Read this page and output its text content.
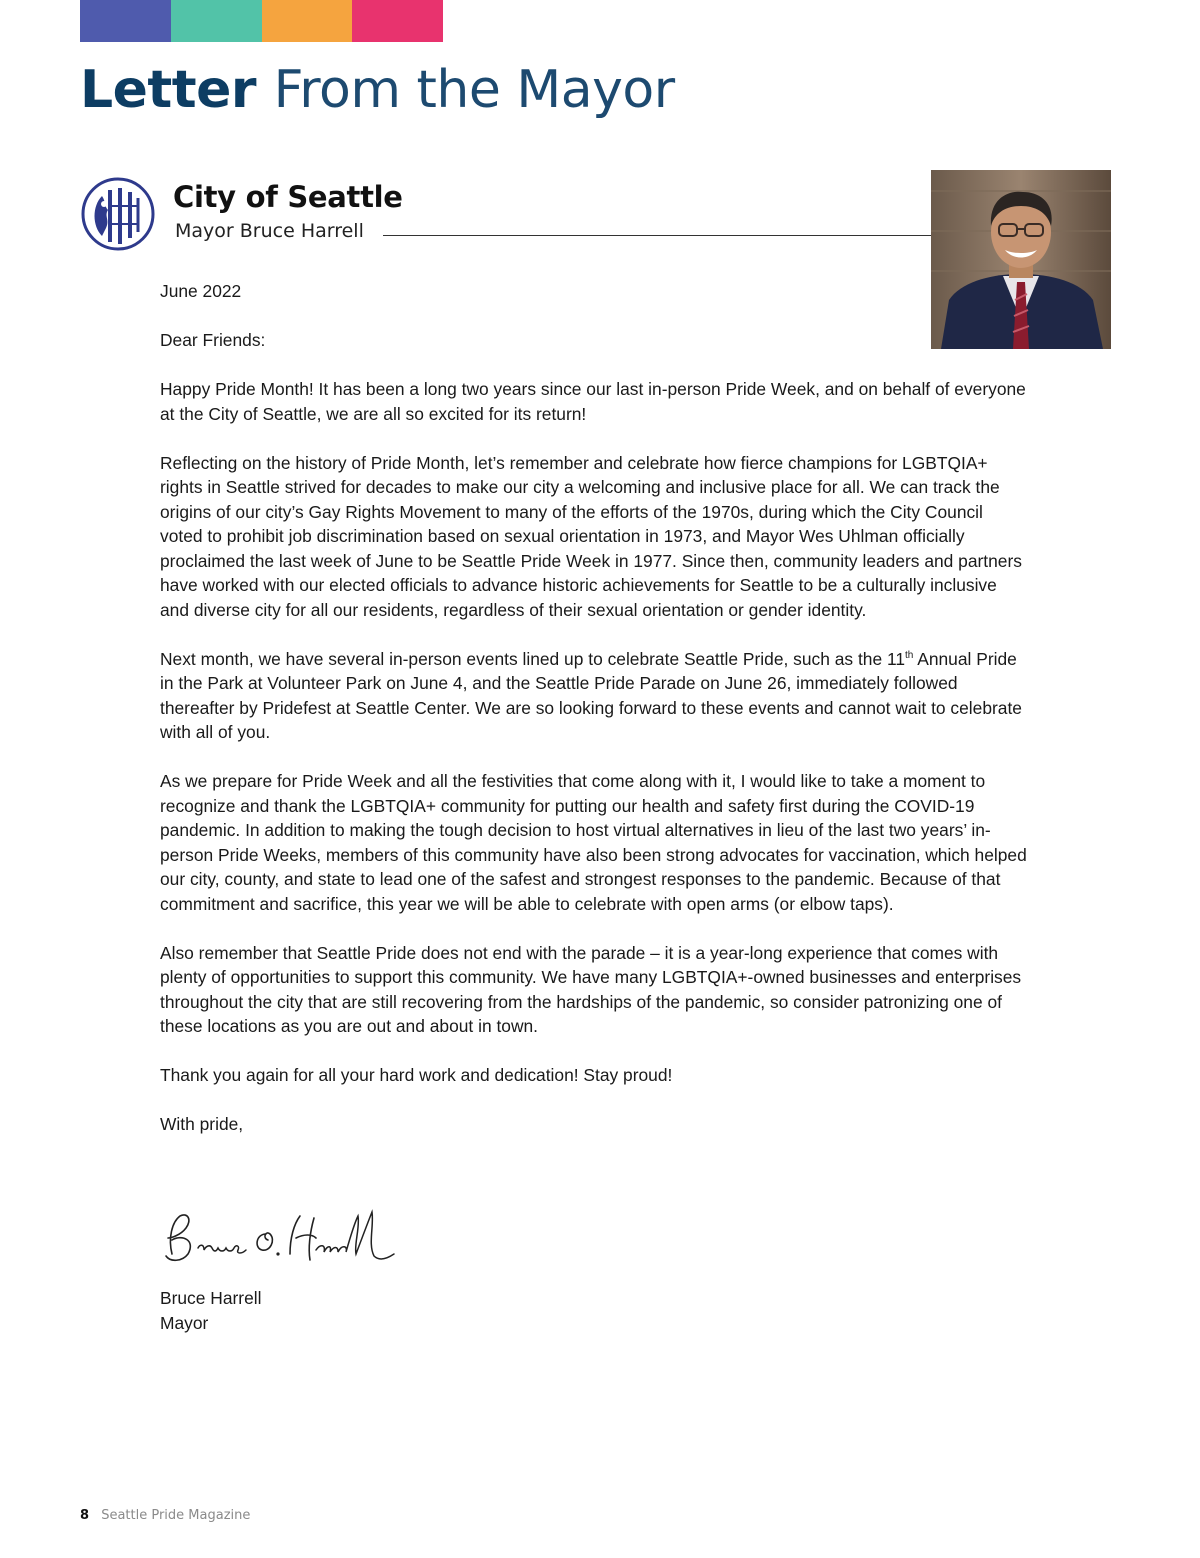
Letter From the Mayor
City of Seattle
Mayor Bruce Harrell

June 2022

Dear Friends:

Happy Pride Month! It has been a long two years since our last in-person Pride Week, and on behalf of everyone at the City of Seattle, we are all so excited for its return!

Reflecting on the history of Pride Month, let’s remember and celebrate how fierce champions for LGBTQIA+ rights in Seattle strived for decades to make our city a welcoming and inclusive place for all. We can track the origins of our city’s Gay Rights Movement to many of the efforts of the 1970s, during which the City Council voted to prohibit job discrimination based on sexual orientation in 1973, and Mayor Wes Uhlman officially proclaimed the last week of June to be Seattle Pride Week in 1977. Since then, community leaders and partners have worked with our elected officials to advance historic achievements for Seattle to be a culturally inclusive and diverse city for all our residents, regardless of their sexual orientation or gender identity.

Next month, we have several in-person events lined up to celebrate Seattle Pride, such as the 11th Annual Pride in the Park at Volunteer Park on June 4, and the Seattle Pride Parade on June 26, immediately followed thereafter by Pridefest at Seattle Center. We are so looking forward to these events and cannot wait to celebrate with all of you.

As we prepare for Pride Week and all the festivities that come along with it, I would like to take a moment to recognize and thank the LGBTQIA+ community for putting our health and safety first during the COVID-19 pandemic. In addition to making the tough decision to host virtual alternatives in lieu of the last two years’ in-person Pride Weeks, members of this community have also been strong advocates for vaccination, which helped our city, county, and state to lead one of the safest and strongest responses to the pandemic. Because of that commitment and sacrifice, this year we will be able to celebrate with open arms (or elbow taps).

Also remember that Seattle Pride does not end with the parade – it is a year-long experience that comes with plenty of opportunities to support this community. We have many LGBTQIA+-owned businesses and enterprises throughout the city that are still recovering from the hardships of the pandemic, so consider patronizing one of these locations as you are out and about in town.

Thank you again for all your hard work and dedication! Stay proud!

With pride,

Bruce Harrell
Mayor
8 Seattle Pride Magazine
